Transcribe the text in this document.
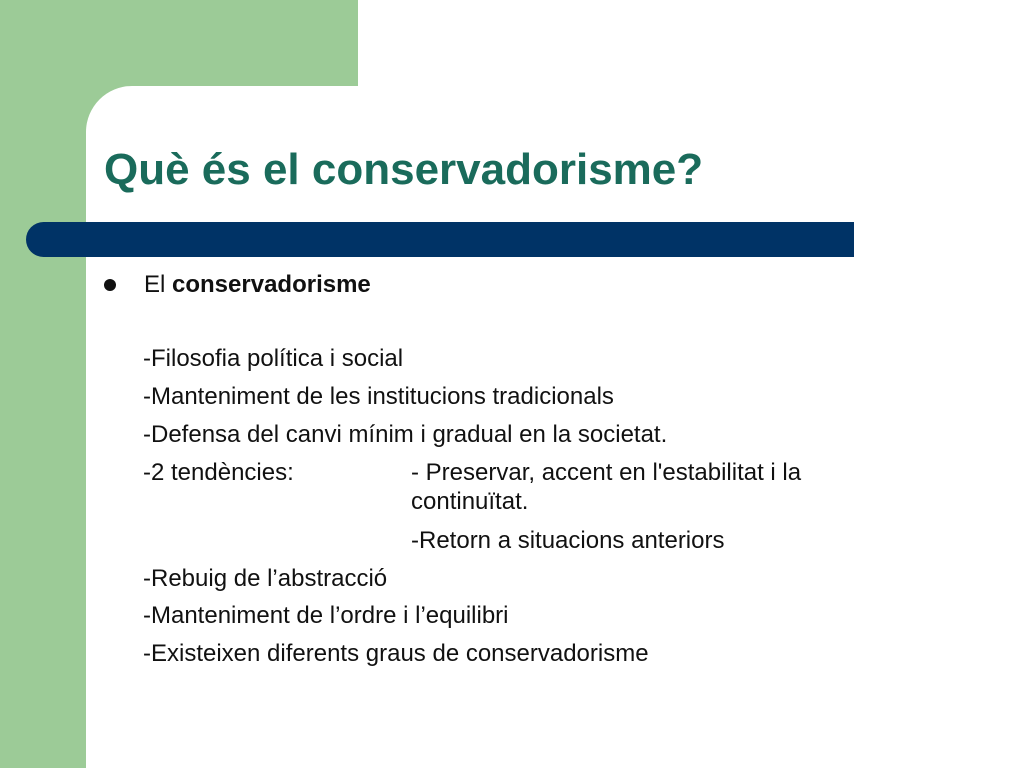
Què és el conservadorisme?
El conservadorisme
-Filosofia política i social
-Manteniment de les institucions tradicionals
-Defensa del canvi mínim i gradual en la societat.
-2 tendències:	- Preservar, accent en l'estabilitat i la
continuïtat.
-Retorn a situacions anteriors
-Rebuig de l’abstracció
-Manteniment de l’ordre i l’equilibri
-Existeixen diferents graus de conservadorisme
